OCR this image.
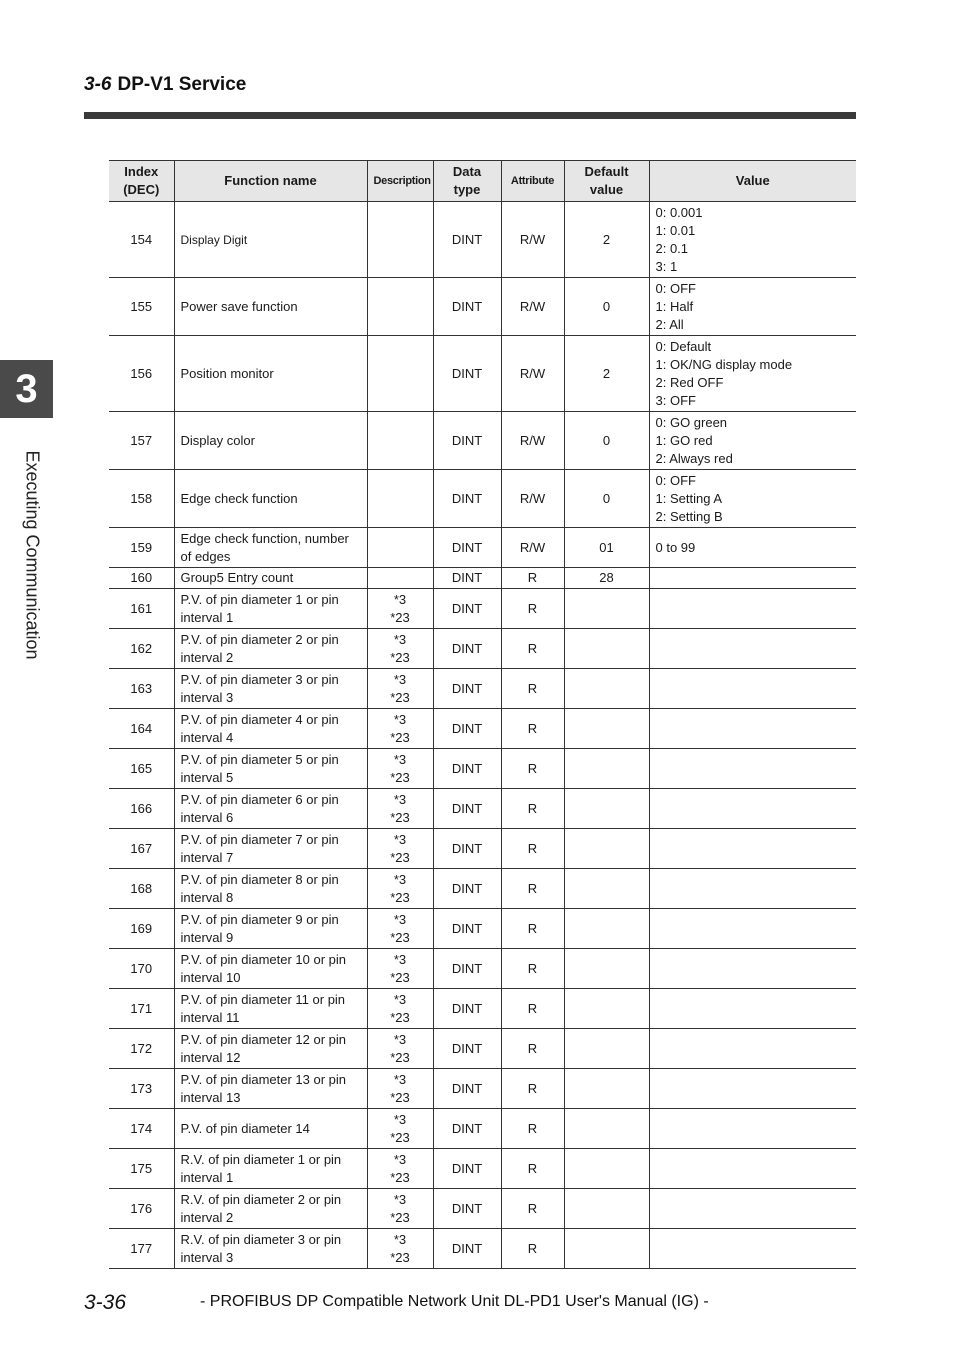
3-6 DP-V1 Service
3
Executing Communication
Index
(DEC)	Function name	Description	Data
type	Attribute	Default
value	Value
154	Display Digit		DINT	R/W	2	0: 0.001
1: 0.01
2: 0.1
3: 1
155	Power save function		DINT	R/W	0	0: OFF
1: Half
2: All
156	Position monitor		DINT	R/W	2	0: Default
1: OK/NG display mode
2: Red OFF
3: OFF
157	Display color		DINT	R/W	0	0: GO green
1: GO red
2: Always red
158	Edge check function		DINT	R/W	0	0: OFF
1: Setting A
2: Setting B
159	Edge check function, number
of edges		DINT	R/W	01	0 to 99
160	Group5 Entry count		DINT	R	28	
161	P.V. of pin diameter 1 or pin
interval 1	*3
*23	DINT	R		
162	P.V. of pin diameter 2 or pin
interval 2	*3
*23	DINT	R		
163	P.V. of pin diameter 3 or pin
interval 3	*3
*23	DINT	R		
164	P.V. of pin diameter 4 or pin
interval 4	*3
*23	DINT	R		
165	P.V. of pin diameter 5 or pin
interval 5	*3
*23	DINT	R		
166	P.V. of pin diameter 6 or pin
interval 6	*3
*23	DINT	R		
167	P.V. of pin diameter 7 or pin
interval 7	*3
*23	DINT	R		
168	P.V. of pin diameter 8 or pin
interval 8	*3
*23	DINT	R		
169	P.V. of pin diameter 9 or pin
interval 9	*3
*23	DINT	R		
170	P.V. of pin diameter 10 or pin
interval 10	*3
*23	DINT	R		
171	P.V. of pin diameter 11 or pin
interval 11	*3
*23	DINT	R		
172	P.V. of pin diameter 12 or pin
interval 12	*3
*23	DINT	R		
173	P.V. of pin diameter 13 or pin
interval 13	*3
*23	DINT	R		
174	P.V. of pin diameter 14	*3
*23	DINT	R		
175	R.V. of pin diameter 1 or pin
interval 1	*3
*23	DINT	R		
176	R.V. of pin diameter 2 or pin
interval 2	*3
*23	DINT	R		
177	R.V. of pin diameter 3 or pin
interval 3	*3
*23	DINT	R		
3-36	- PROFIBUS DP Compatible Network Unit DL-PD1 User's Manual (IG) -
